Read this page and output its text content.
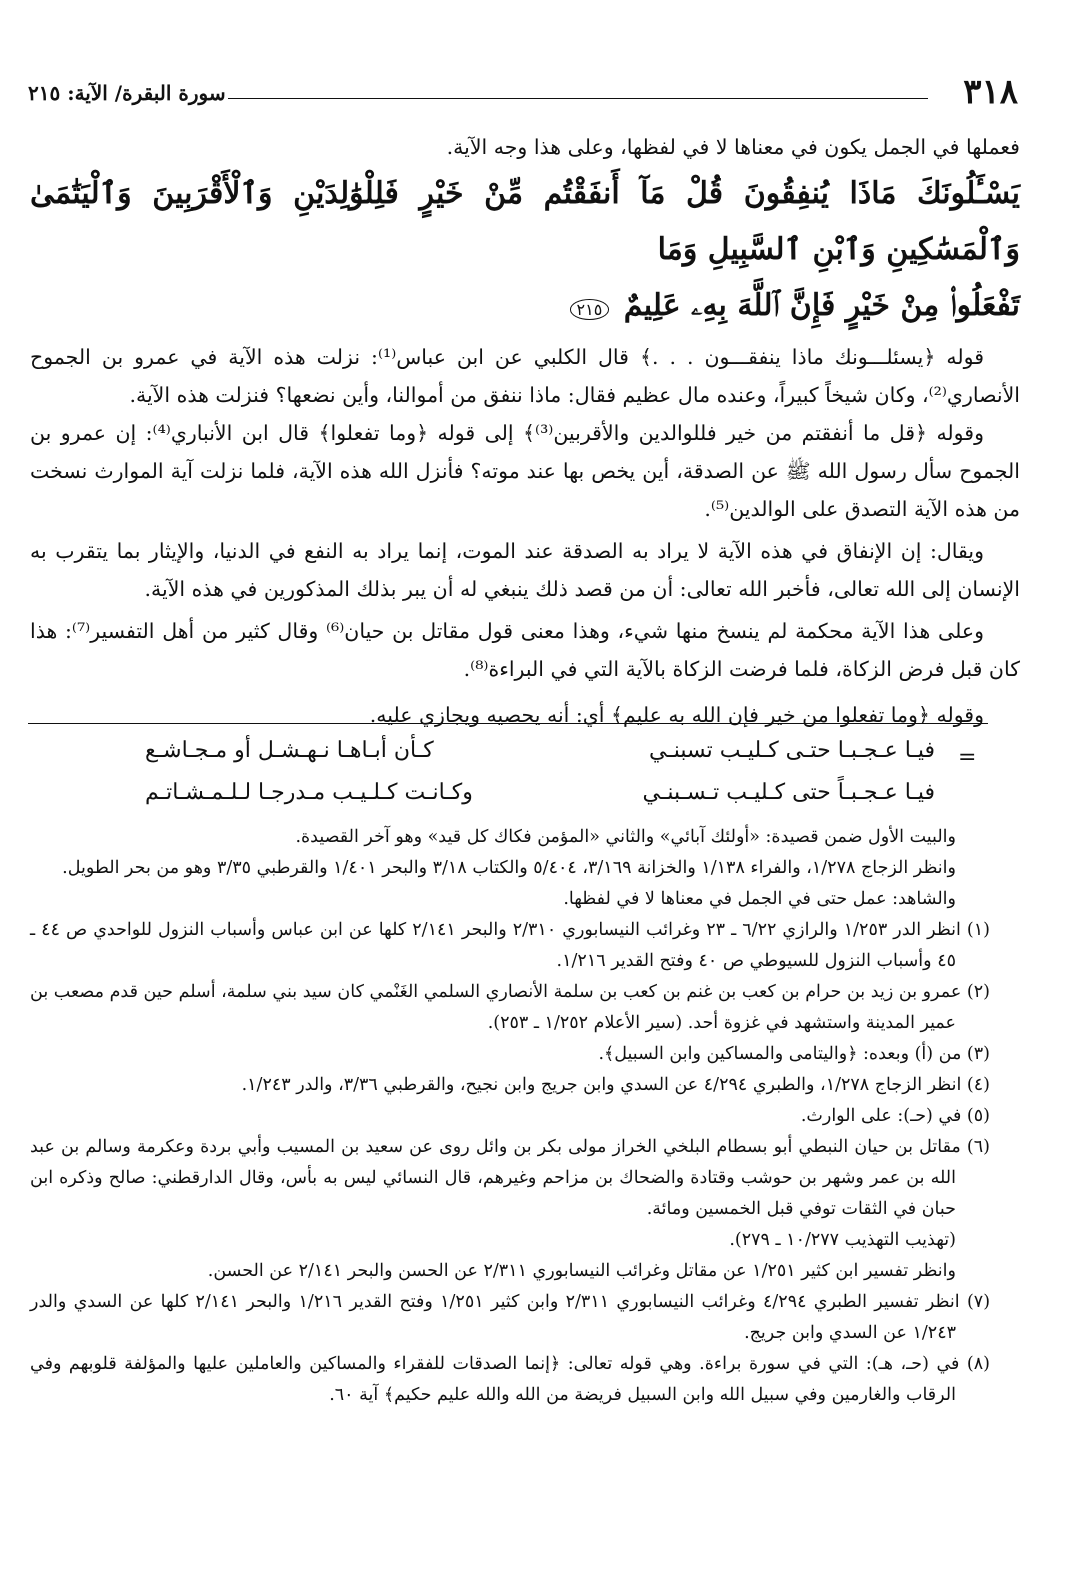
٣١٨
سورة البقرة/ الآية: ٢١٥

فعملها في الجمل يكون في معناها لا في لفظها، وعلى هذا وجه الآية.

يَسْـَٔلُونَكَ مَاذَا يُنفِقُونَ قُلْ مَآ أَنفَقْتُم مِّنْ خَيْرٍ فَلِلْوَٰلِدَيْنِ وَٱلْأَقْرَبِينَ وَٱلْيَتَٰمَىٰ وَٱلْمَسَٰكِينِ وَٱبْنِ ٱلسَّبِيلِ وَمَا

تَفْعَلُوا۟ مِنْ خَيْرٍ فَإِنَّ ٱللَّهَ بِهِۦ عَلِيمٌ ٢١٥

قوله ﴿يسئلـــونك ماذا ينفقـــون . . .﴾ قال الكلبي عن ابن عباس⁽¹⁾: نزلت هذه الآية في عمرو بن الجموح الأنصاري⁽²⁾، وكان شيخاً كبيراً، وعنده مال عظيم فقال: ماذا ننفق من أموالنا، وأين نضعها؟ فنزلت هذه الآية.

وقوله ﴿قل ما أنفقتم من خير فللوالدين والأقربين⁽³⁾﴾ إلى قوله ﴿وما تفعلوا﴾ قال ابن الأنباري⁽⁴⁾: إن عمرو بن الجموح سأل رسول الله ﷺ عن الصدقة، أين يخص بها عند موته؟ فأنزل الله هذه الآية، فلما نزلت آية الموارث نسخت من هذه الآية التصدق على الوالدين⁽⁵⁾.

ويقال: إن الإنفاق في هذه الآية لا يراد به الصدقة عند الموت، إنما يراد به النفع في الدنيا، والإيثار بما يتقرب به الإنسان إلى الله تعالى، فأخبر الله تعالى: أن من قصد ذلك ينبغي له أن يبر بذلك المذكورين في هذه الآية.

وعلى هذا الآية محكمة لم ينسخ منها شيء، وهذا معنى قول مقاتل بن حيان⁽⁶⁾ وقال كثير من أهل التفسير⁽⁷⁾: هذا كان قبل فرض الزكاة، فلما فرضت الزكاة بالآية التي في البراءة⁽⁸⁾.

وقوله ﴿وما تفعلوا من خير فإن الله به عليم﴾ أي: أنه يحصيه ويجازي عليه.

=
فيـا عـجـبـا حتـى كـليـب تسبنـي
كـأن أبـاهـا نـهـشـل أو مـجـاشـع
فيـا عـجـبـاً حتى كـليـب تـسـبنـي
وكـانـت كـلـيـب مـدرجـا لـلـمـشـاتـم

والبيت الأول ضمن قصيدة: «أولئك آبائي» والثاني «المؤمن فكاك كل قيد» وهو آخر القصيدة.

وانظر الزجاج ١/٢٧٨، والفراء ١/١٣٨ والخزانة ٣/١٦٩، ٥/٤٠٤ والكتاب ٣/١٨ والبحر ١/٤٠١ والقرطبي ٣/٣٥ وهو من بحر الطويل.

والشاهد: عمل حتى في الجمل في معناها لا في لفظها.

(١) انظر الدر ١/٢٥٣ والرازي ٦/٢٢ ـ ٢٣ وغرائب النيسابوري ٢/٣١٠ والبحر ٢/١٤١ كلها عن ابن عباس وأسباب النزول للواحدي ص ٤٤ ـ ٤٥ وأسباب النزول للسيوطي ص ٤٠ وفتح القدير ١/٢١٦.

(٢) عمرو بن زيد بن حرام بن كعب بن غنم بن كعب بن سلمة الأنصاري السلمي الغَنْمي كان سيد بني سلمة، أسلم حين قدم مصعب بن عمير المدينة واستشهد في غزوة أحد. (سير الأعلام ١/٢٥٢ ـ ٢٥٣).

(٣) من (أ) وبعده: ﴿واليتامى والمساكين وابن السبيل﴾.

(٤) انظر الزجاج ١/٢٧٨، والطبري ٤/٢٩٤ عن السدي وابن جريج وابن نجيح، والقرطبي ٣/٣٦، والدر ١/٢٤٣.

(٥) في (حـ): على الوارث.

(٦) مقاتل بن حيان النبطي أبو بسطام البلخي الخراز مولى بكر بن وائل روى عن سعيد بن المسيب وأبي بردة وعكرمة وسالم بن عبد الله بن عمر وشهر بن حوشب وقتادة والضحاك بن مزاحم وغيرهم، قال النسائي ليس به بأس، وقال الدارقطني: صالح وذكره ابن حبان في الثقات توفي قبل الخمسين ومائة.

(تهذيب التهذيب ١٠/٢٧٧ ـ ٢٧٩).

وانظر تفسير ابن كثير ١/٢٥١ عن مقاتل وغرائب النيسابوري ٢/٣١١ عن الحسن والبحر ٢/١٤١ عن الحسن.

(٧) انظر تفسير الطبري ٤/٢٩٤ وغرائب النيسابوري ٢/٣١١ وابن كثير ١/٢٥١ وفتح القدير ١/٢١٦ والبحر ٢/١٤١ كلها عن السدي والدر ١/٢٤٣ عن السدي وابن جريج.

(٨) في (حـ، هـ): التي في سورة براءة. وهي قوله تعالى: ﴿إنما الصدقات للفقراء والمساكين والعاملين عليها والمؤلفة قلوبهم وفي الرقاب والغارمين وفي سبيل الله وابن السبيل فريضة من الله والله عليم حكيم﴾ آية ٦٠.
